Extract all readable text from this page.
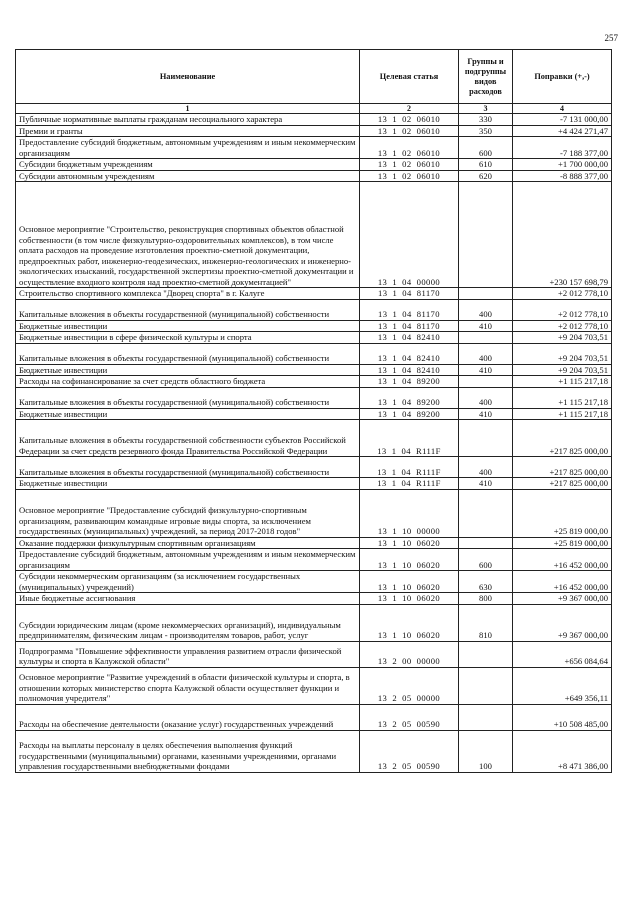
257
Наименование	Целевая статья	Группы и подгруппы видов расходов	Поправки (+,-)
1	2	3	4
Публичные нормативные выплаты гражданам несоциального характера	13  1  02  06010	330	-7 131 000,00
Премии и гранты	13  1  02  06010	350	+4 424 271,47
Предоставление субсидий бюджетным, автономным учреждениям и иным некоммерческим организациям	13  1  02  06010	600	-7 188 377,00
Субсидии бюджетным учреждениям	13  1  02  06010	610	+1 700 000,00
Субсидии автономным учреждениям	13  1  02  06010	620	-8 888 377,00
Основное мероприятие "Строительство, реконструкция спортивных объектов областной собственности (в том числе физкультурно-оздоровительных комплексов), в том числе оплата расходов на проведение изготовления проектно-сметной документации, предпроектных работ, инженерно-геодезических, инженерно-геологических и инженерно-экологических изысканий, государственной экспертизы проектно-сметной документации и осуществление входного контроля над проектно-сметной документацией"	13  1  04  00000		+230 157 698,79
Строительство спортивного комплекса "Дворец спорта" в г. Калуге	13  1  04  81170		+2 012 778,10
Капитальные вложения в объекты государственной (муниципальной) собственности	13  1  04  81170	400	+2 012 778,10
Бюджетные инвестиции	13  1  04  81170	410	+2 012 778,10
Бюджетные инвестиции в сфере физической культуры и спорта	13  1  04  82410		+9 204 703,51
Капитальные вложения в объекты государственной (муниципальной) собственности	13  1  04  82410	400	+9 204 703,51
Бюджетные инвестиции	13  1  04  82410	410	+9 204 703,51
Расходы на софинансирование за счет средств областного бюджета	13  1  04  89200		+1 115 217,18
Капитальные вложения в объекты государственной (муниципальной) собственности	13  1  04  89200	400	+1 115 217,18
Бюджетные инвестиции	13  1  04  89200	410	+1 115 217,18
Капитальные вложения в объекты государственной собственности субъектов Российской Федерации за счет средств резервного фонда Правительства Российской Федерации	13  1  04  R111F		+217 825 000,00
Капитальные вложения в объекты государственной (муниципальной) собственности	13  1  04  R111F	400	+217 825 000,00
Бюджетные инвестиции	13  1  04  R111F	410	+217 825 000,00
Основное мероприятие "Предоставление субсидий физкультурно-спортивным организациям, развивающим командные игровые виды спорта, за исключением государственных (муниципальных) учреждений, за период 2017-2018 годов"	13  1  10  00000		+25 819 000,00
Оказание поддержки физкультурным спортивным организациям	13  1  10  06020		+25 819 000,00
Предоставление субсидий бюджетным, автономным учреждениям и иным некоммерческим организациям	13  1  10  06020	600	+16 452 000,00
Субсидии некоммерческим организациям (за исключением государственных (муниципальных) учреждений)	13  1  10  06020	630	+16 452 000,00
Иные бюджетные ассигнования	13  1  10  06020	800	+9 367 000,00
Субсидии юридическим лицам (кроме некоммерческих организаций), индивидуальным предпринимателям, физическим лицам - производителям товаров, работ, услуг	13  1  10  06020	810	+9 367 000,00
Подпрограмма "Повышение эффективности управления развитием отрасли физической культуры и спорта в Калужской области"	13  2  00  00000		+656 084,64
Основное мероприятие "Развитие учреждений в области физической культуры и спорта, в отношении которых министерство спорта Калужской области осуществляет функции и полномочия учредителя"	13  2  05  00000		+649 356,11
Расходы на обеспечение деятельности (оказание услуг) государственных учреждений	13  2  05  00590		+10 508 485,00
Расходы на выплаты персоналу в целях обеспечения выполнения функций государственными (муниципальными) органами, казенными учреждениями, органами управления государственными внебюджетными фондами	13  2  05  00590	100	+8 471 386,00
